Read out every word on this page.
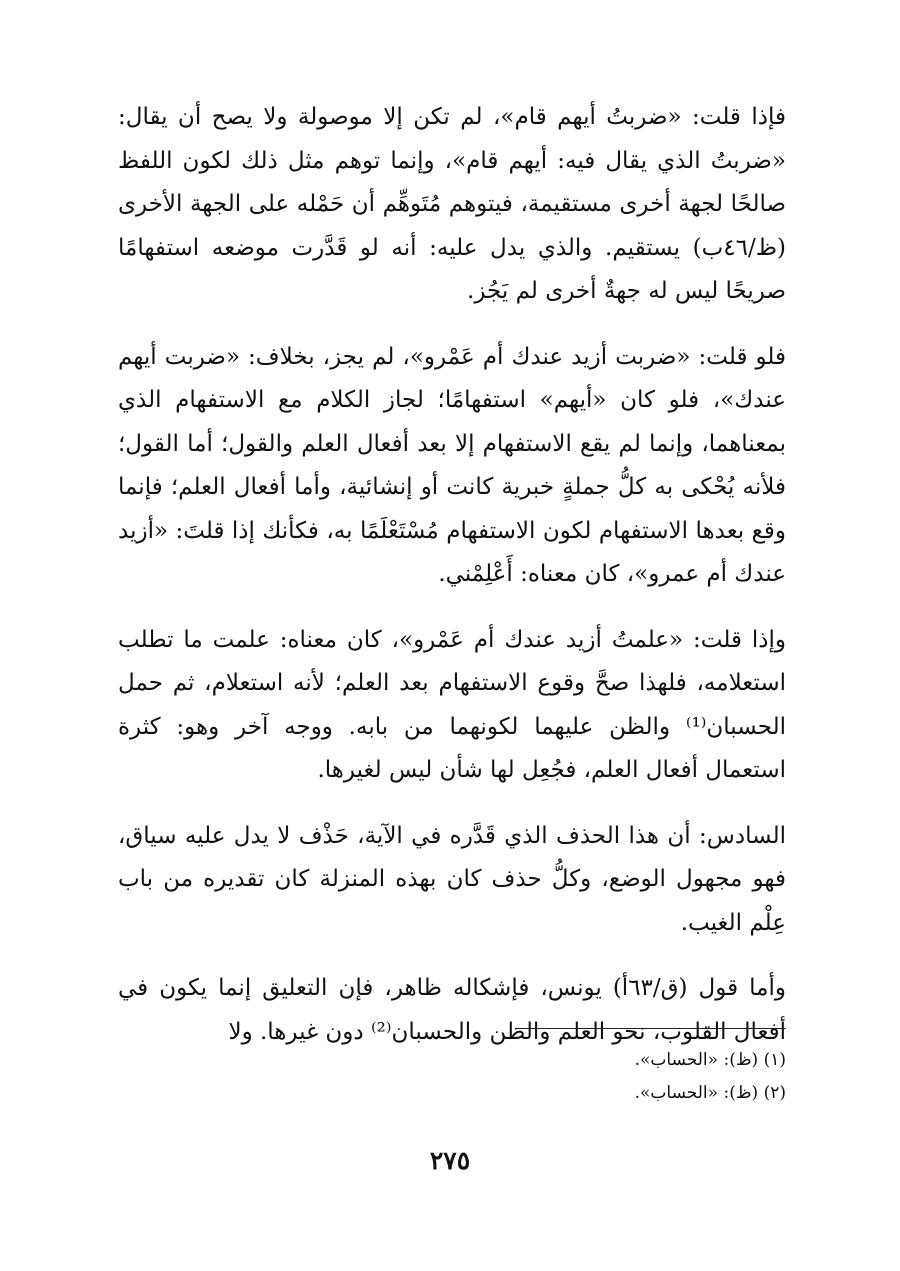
فإذا قلت: «ضربتُ أيهم قام»، لم تكن إلا موصولة ولا يصح أن يقال: «ضربتُ الذي يقال فيه: أيهم قام»، وإنما توهم مثل ذلك لكون اللفظ صالحًا لجهة أخرى مستقيمة، فيتوهم مُتَوهِّم أن حَمْله على الجهة الأخرى (ظ/٤٦ب) يستقيم. والذي يدل عليه: أنه لو قَدَّرت موضعه استفهامًا صريحًا ليس له جهةٌ أخرى لم يَجُز.

فلو قلت: «ضربت أزيد عندك أم عَمْرو»، لم يجز، بخلاف: «ضربت أيهم عندك»، فلو كان «أيهم» استفهامًا؛ لجاز الكلام مع الاستفهام الذي بمعناهما، وإنما لم يقع الاستفهام إلا بعد أفعال العلم والقول؛ أما القول؛ فلأنه يُحْكى به كلُّ جملةٍ خبرية كانت أو إنشائية، وأما أفعال العلم؛ فإنما وقع بعدها الاستفهام لكون الاستفهام مُسْتَعْلَمًا به، فكأنك إذا قلتَ: «أزيد عندك أم عمرو»، كان معناه: أَعْلِمْني.

وإذا قلت: «علمتُ أزيد عندك أم عَمْرو»، كان معناه: علمت ما تطلب استعلامه، فلهذا صحَّ وقوع الاستفهام بعد العلم؛ لأنه استعلام، ثم حمل الحسبان⁽¹⁾ والظن عليهما لكونهما من بابه. ووجه آخر وهو: كثرة استعمال أفعال العلم، فجُعِل لها شأن ليس لغيرها.

السادس: أن هذا الحذف الذي قَدَّره في الآية، حَذْف لا يدل عليه سياق، فهو مجهول الوضع، وكلُّ حذف كان بهذه المنزلة كان تقديره من باب عِلْم الغيب.

وأما قول (ق/٦٣أ) يونس، فإشكاله ظاهر، فإن التعليق إنما يكون في أفعال القلوب، نحو العلم والظن والحسبان⁽²⁾ دون غيرها. ولا

(١) (ظ): «الحساب».
(٢) (ظ): «الحساب».
٢٧٥
